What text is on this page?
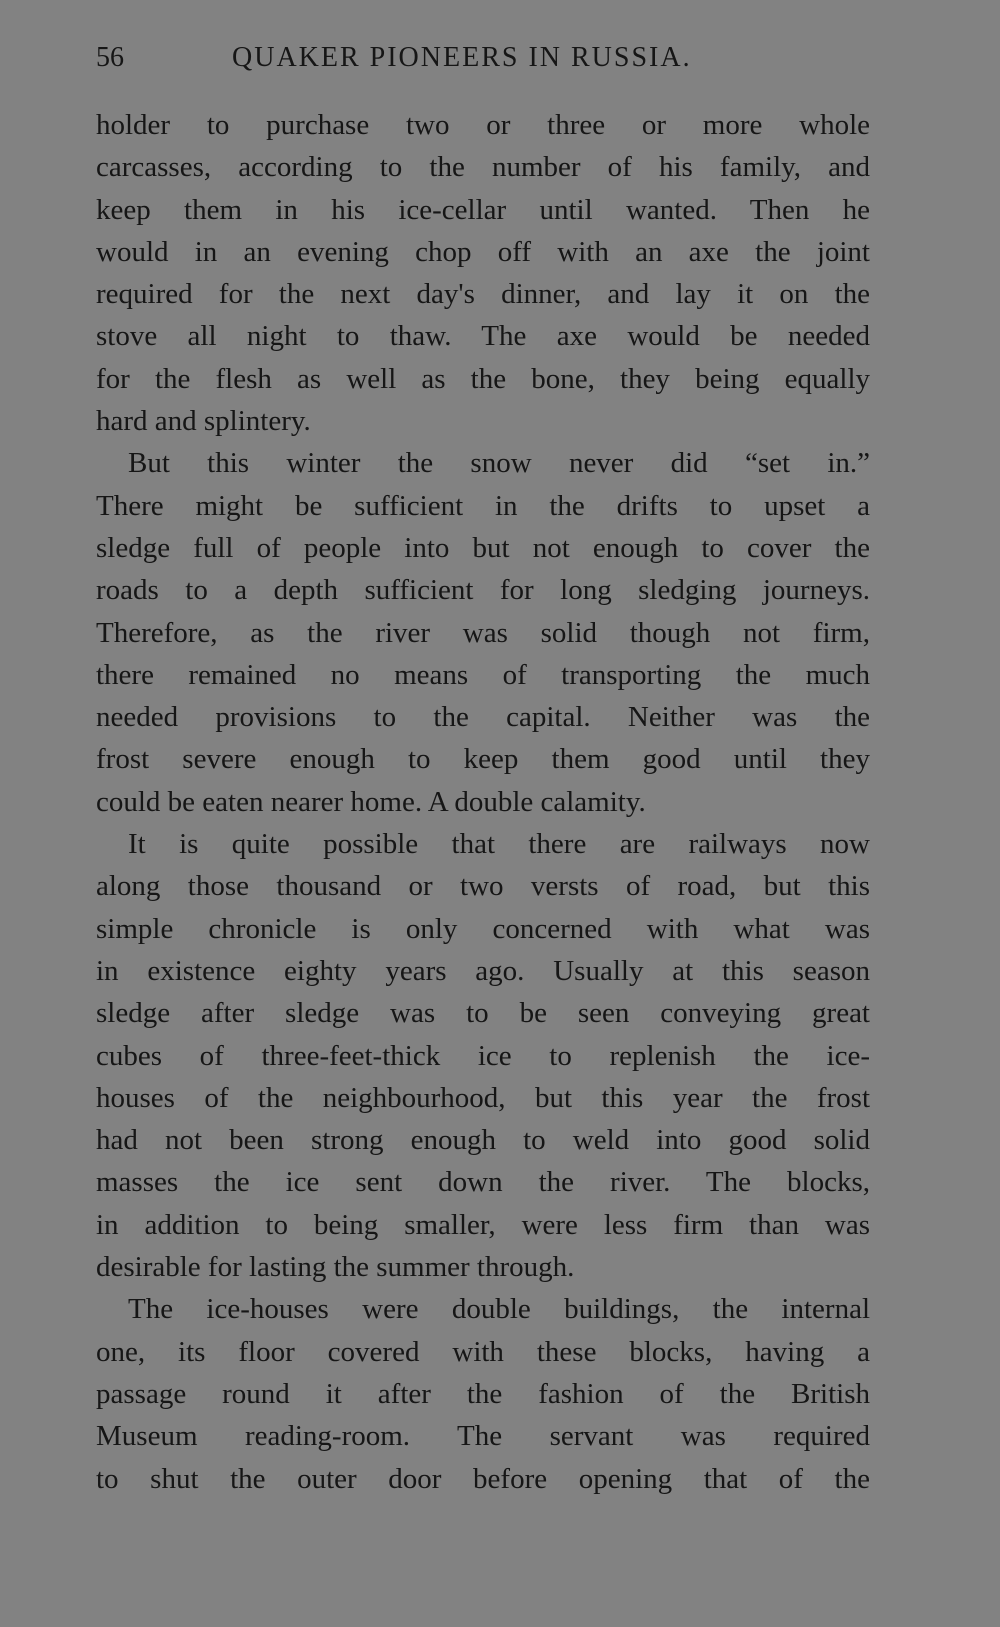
56	QUAKER PIONEERS IN RUSSIA.
holder to purchase two or three or more whole
carcasses, according to the number of his family, and
keep them in his ice-cellar until wanted. Then he
would in an evening chop off with an axe the joint
required for the next day's dinner, and lay it on the
stove all night to thaw. The axe would be needed
for the flesh as well as the bone, they being equally
hard and splintery.
But this winter the snow never did “set in.”
There might be sufficient in the drifts to upset a
sledge full of people into but not enough to cover the
roads to a depth sufficient for long sledging journeys.
Therefore, as the river was solid though not firm,
there remained no means of transporting the much
needed provisions to the capital. Neither was the
frost severe enough to keep them good until they
could be eaten nearer home. A double calamity.
It is quite possible that there are railways now
along those thousand or two versts of road, but this
simple chronicle is only concerned with what was
in existence eighty years ago. Usually at this season
sledge after sledge was to be seen conveying great
cubes of three-feet-thick ice to replenish the ice-
houses of the neighbourhood, but this year the frost
had not been strong enough to weld into good solid
masses the ice sent down the river. The blocks,
in addition to being smaller, were less firm than was
desirable for lasting the summer through.
The ice-houses were double buildings, the internal
one, its floor covered with these blocks, having a
passage round it after the fashion of the British
Museum reading-room. The servant was required
to shut the outer door before opening that of the
